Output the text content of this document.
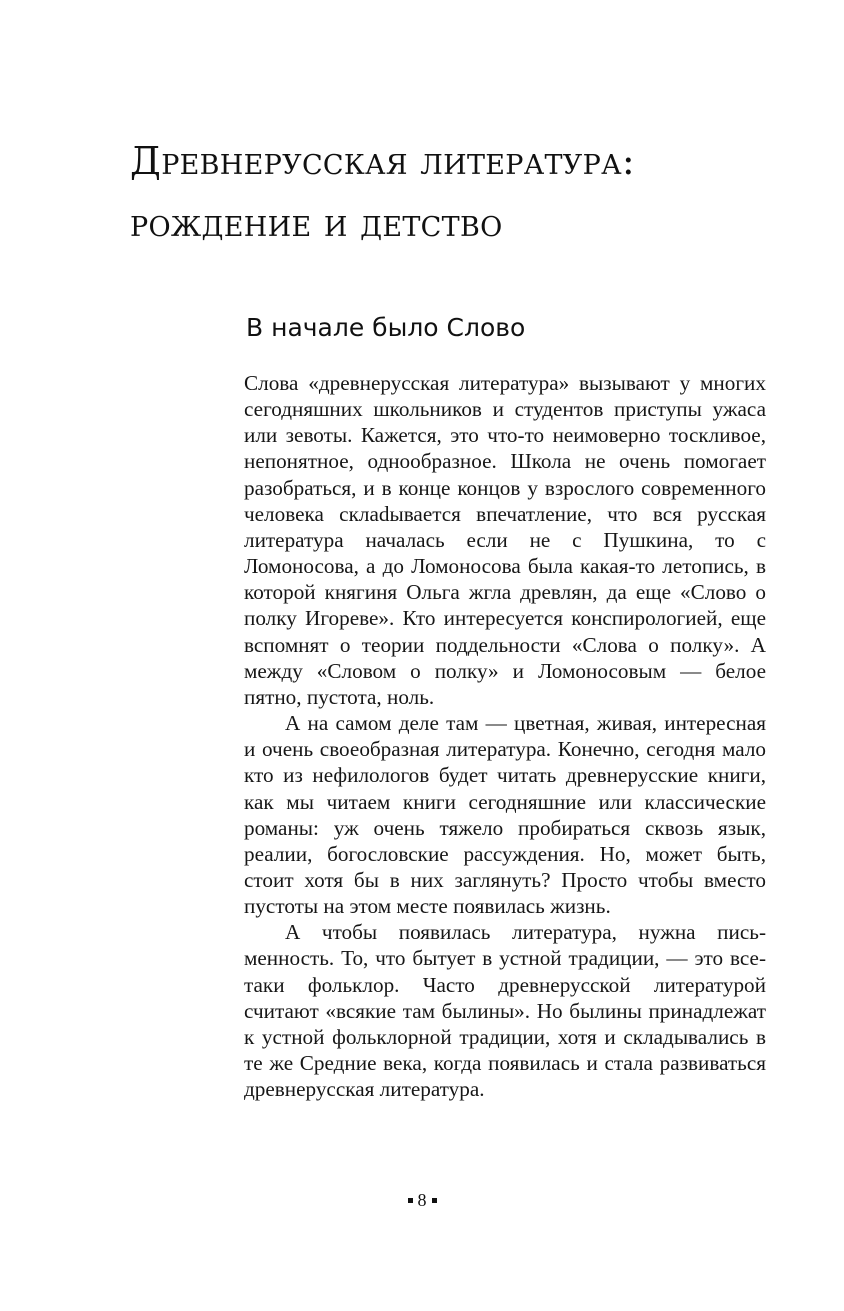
Древнерусская литература:
рождение и детство
В начале было Слово

Слова «древнерусская литература» вызывают у многих сегодняшних школьников и студентов приступы ужаса или зевоты. Кажется, это что-то неимоверно тоскливое, непонятное, однообразное. Школа не очень помогает разобраться, и в конце концов у взрослого современного человека склаdывается впечатление, что вся русская литература началась если не с Пушкина, то с Ломоносова, а до Ломоносова была какая-то летопись, в которой княгиня Ольга жгла древлян, да еще «Слово о полку Игореве». Кто интересуется конспирологией, еще вспомнят о теории поддельности «Слова о полку». А между «Словом о полку» и Ломоносовым — белое пятно, пустота, ноль.

А на самом деле там — цветная, живая, интересная и очень своеобразная литература. Конечно, сегодня мало кто из нефилологов будет читать древнерусские книги, как мы читаем книги сегодняшние или классические романы: уж очень тяжело пробираться сквозь язык, реалии, богословские рассуждения. Но, может быть, стоит хотя бы в них заглянуть? Просто чтобы вместо пустоты на этом месте появилась жизнь.

А чтобы появилась литература, нужна письменность. То, что бытует в устной традиции, — это все-таки фольклор. Часто древнерусской литературой считают «всякие там былины». Но былины принадлежат к устной фольклорной традиции, хотя и складывались в те же Средние века, когда появилась и стала развиваться древнерусская литература.

8
